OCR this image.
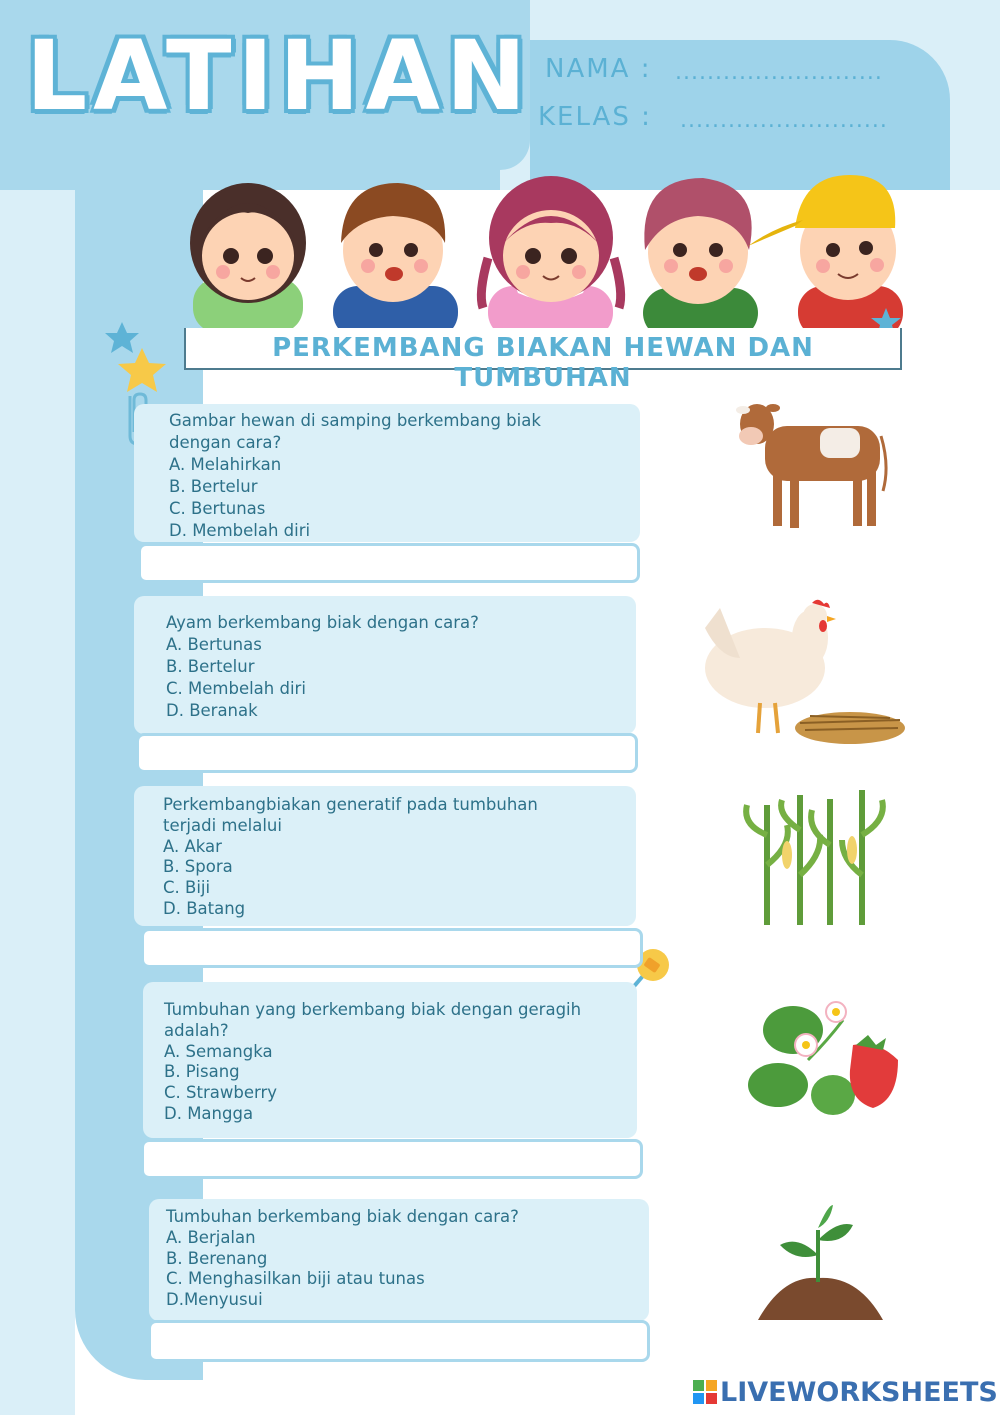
LATIHAN NAMA : ..........................
KELAS : ..........................
PERKEMBANG BIAKAN HEWAN DAN TUMBUHAN
Gambar hewan di samping berkembang biak
dengan cara?
A. Melahirkan
B. Bertelur
C. Bertunas
D. Membelah diri
Ayam berkembang biak dengan cara?
A. Bertunas
B. Bertelur
C. Membelah diri
D. Beranak
Perkembangbiakan generatif pada tumbuhan
terjadi melalui
A. Akar
B. Spora
C. Biji
D. Batang
Tumbuhan yang berkembang biak dengan geragih
adalah?
A. Semangka
B. Pisang
C. Strawberry
D. Mangga
Tumbuhan berkembang biak dengan cara?
A. Berjalan
B. Berenang
C. Menghasilkan biji atau tunas
D.Menyusui
LIVEWORKSHEETS
